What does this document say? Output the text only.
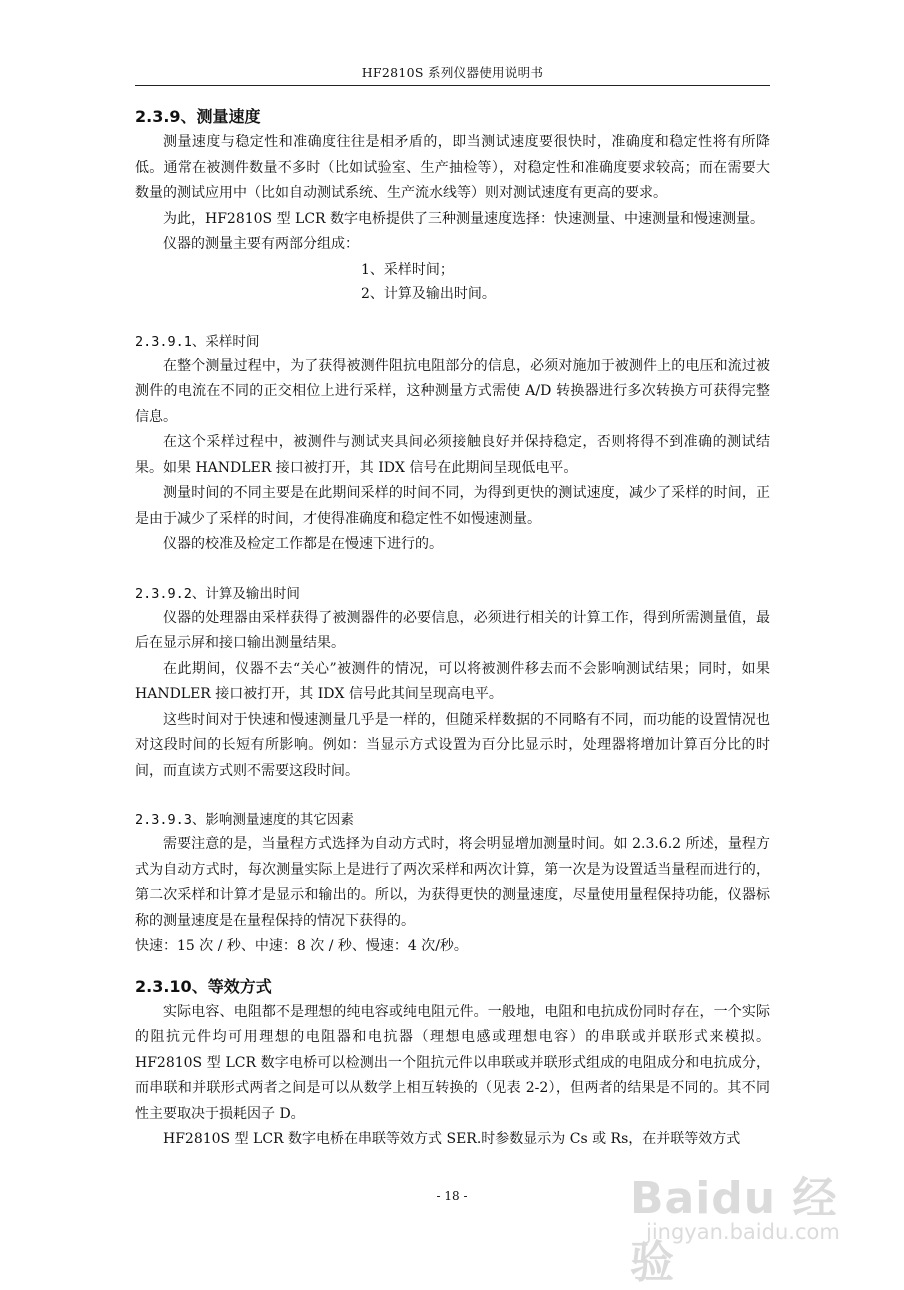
HF2810S 系列仪器使用说明书
2.3.9、测量速度

测量速度与稳定性和准确度往往是相矛盾的，即当测试速度要很快时，准确度和稳定性将有所降低。通常在被测件数量不多时（比如试验室、生产抽检等），对稳定性和准确度要求较高；而在需要大数量的测试应用中（比如自动测试系统、生产流水线等）则对测试速度有更高的要求。

为此，HF2810S 型 LCR 数字电桥提供了三种测量速度选择：快速测量、中速测量和慢速测量。

仪器的测量主要有两部分组成：

1、采样时间；
2、计算及输出时间。
2.3.9.1、采样时间

在整个测量过程中，为了获得被测件阻抗电阻部分的信息，必须对施加于被测件上的电压和流过被测件的电流在不同的正交相位上进行采样，这种测量方式需使 A/D 转换器进行多次转换方可获得完整信息。

在这个采样过程中，被测件与测试夹具间必须接触良好并保持稳定，否则将得不到准确的测试结果。如果 HANDLER 接口被打开，其 IDX 信号在此期间呈现低电平。

测量时间的不同主要是在此期间采样的时间不同，为得到更快的测试速度，减少了采样的时间，正是由于减少了采样的时间，才使得准确度和稳定性不如慢速测量。

仪器的校准及检定工作都是在慢速下进行的。

2.3.9.2、计算及输出时间

仪器的处理器由采样获得了被测器件的必要信息，必须进行相关的计算工作，得到所需测量值，最后在显示屏和接口输出测量结果。

在此期间，仪器不去“关心”被测件的情况，可以将被测件移去而不会影响测试结果；同时，如果 HANDLER 接口被打开，其 IDX 信号此其间呈现高电平。

这些时间对于快速和慢速测量几乎是一样的，但随采样数据的不同略有不同，而功能的设置情况也对这段时间的长短有所影响。例如：当显示方式设置为百分比显示时，处理器将增加计算百分比的时间，而直读方式则不需要这段时间。

2.3.9.3、影响测量速度的其它因素

需要注意的是，当量程方式选择为自动方式时，将会明显增加测量时间。如 2.3.6.2 所述，量程方式为自动方式时，每次测量实际上是进行了两次采样和两次计算，第一次是为设置适当量程而进行的，第二次采样和计算才是显示和输出的。所以，为获得更快的测量速度，尽量使用量程保持功能，仪器标称的测量速度是在量程保持的情况下获得的。

快速：15 次 / 秒、中速：8 次 / 秒、慢速：4 次/秒。

2.3.10、等效方式

实际电容、电阻都不是理想的纯电容或纯电阻元件。一般地，电阻和电抗成份同时存在，一个实际的阻抗元件均可用理想的电阻器和电抗器（理想电感或理想电容）的串联或并联形式来模拟。HF2810S 型 LCR 数字电桥可以检测出一个阻抗元件以串联或并联形式组成的电阻成分和电抗成分，而串联和并联形式两者之间是可以从数学上相互转换的（见表 2-2），但两者的结果是不同的。其不同性主要取决于损耗因子 D。

HF2810S 型 LCR 数字电桥在串联等效方式 SER.时参数显示为 Cs 或 Rs，在并联等效方式

- 18 -	Baidu 经验
jingyan.baidu.com
